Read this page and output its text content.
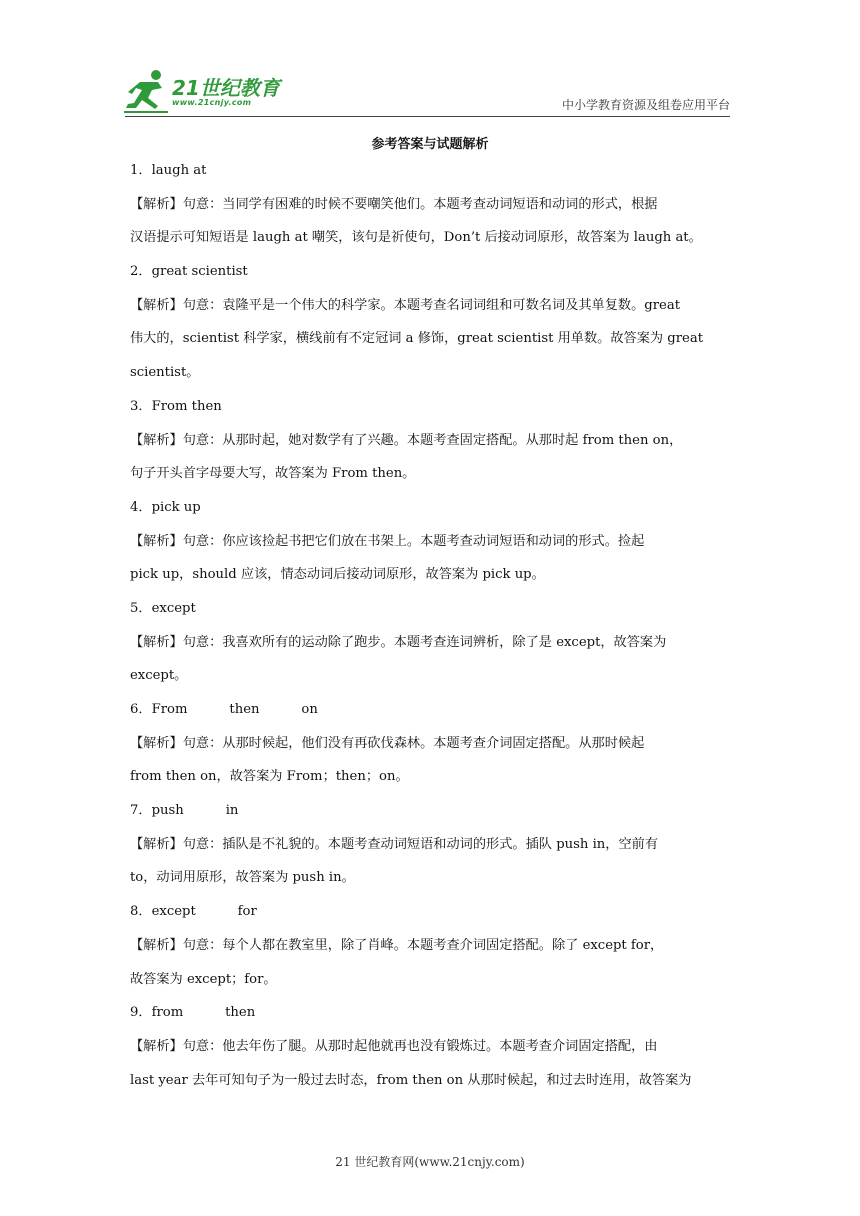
21世纪教育
www.21cnjy.com	中小学教育资源及组卷应用平台
参考答案与试题解析
1．laugh at
【解析】句意：当同学有困难的时候不要嘲笑他们。本题考查动词短语和动词的形式，根据
汉语提示可知短语是 laugh at 嘲笑，该句是祈使句，Don’t 后接动词原形，故答案为 laugh at。
2．great scientist
【解析】句意：袁隆平是一个伟大的科学家。本题考查名词词组和可数名词及其单复数。great
伟大的，scientist 科学家，横线前有不定冠词 a 修饰，great scientist 用单数。故答案为 great
scientist。
3．From then
【解析】句意：从那时起，她对数学有了兴趣。本题考查固定搭配。从那时起 from then on，
句子开头首字母要大写，故答案为 From then。
4．pick up
【解析】句意：你应该捡起书把它们放在书架上。本题考查动词短语和动词的形式。捡起
pick up，should 应该，情态动词后接动词原形，故答案为 pick up。
5．except
【解析】句意：我喜欢所有的运动除了跑步。本题考查连词辨析，除了是 except，故答案为
except。
6．From          then          on
【解析】句意：从那时候起，他们没有再砍伐森林。本题考查介词固定搭配。从那时候起
from then on，故答案为 From；then；on。
7．push          in
【解析】句意：插队是不礼貌的。本题考查动词短语和动词的形式。插队 push in，空前有
to，动词用原形，故答案为 push in。
8．except          for
【解析】句意：每个人都在教室里，除了肖峰。本题考查介词固定搭配。除了 except for，
故答案为 except；for。
9．from          then
【解析】句意：他去年伤了腿。从那时起他就再也没有锻炼过。本题考查介词固定搭配，由
last year 去年可知句子为一般过去时态，from then on 从那时候起，和过去时连用，故答案为
21 世纪教育网(www.21cnjy.com)
